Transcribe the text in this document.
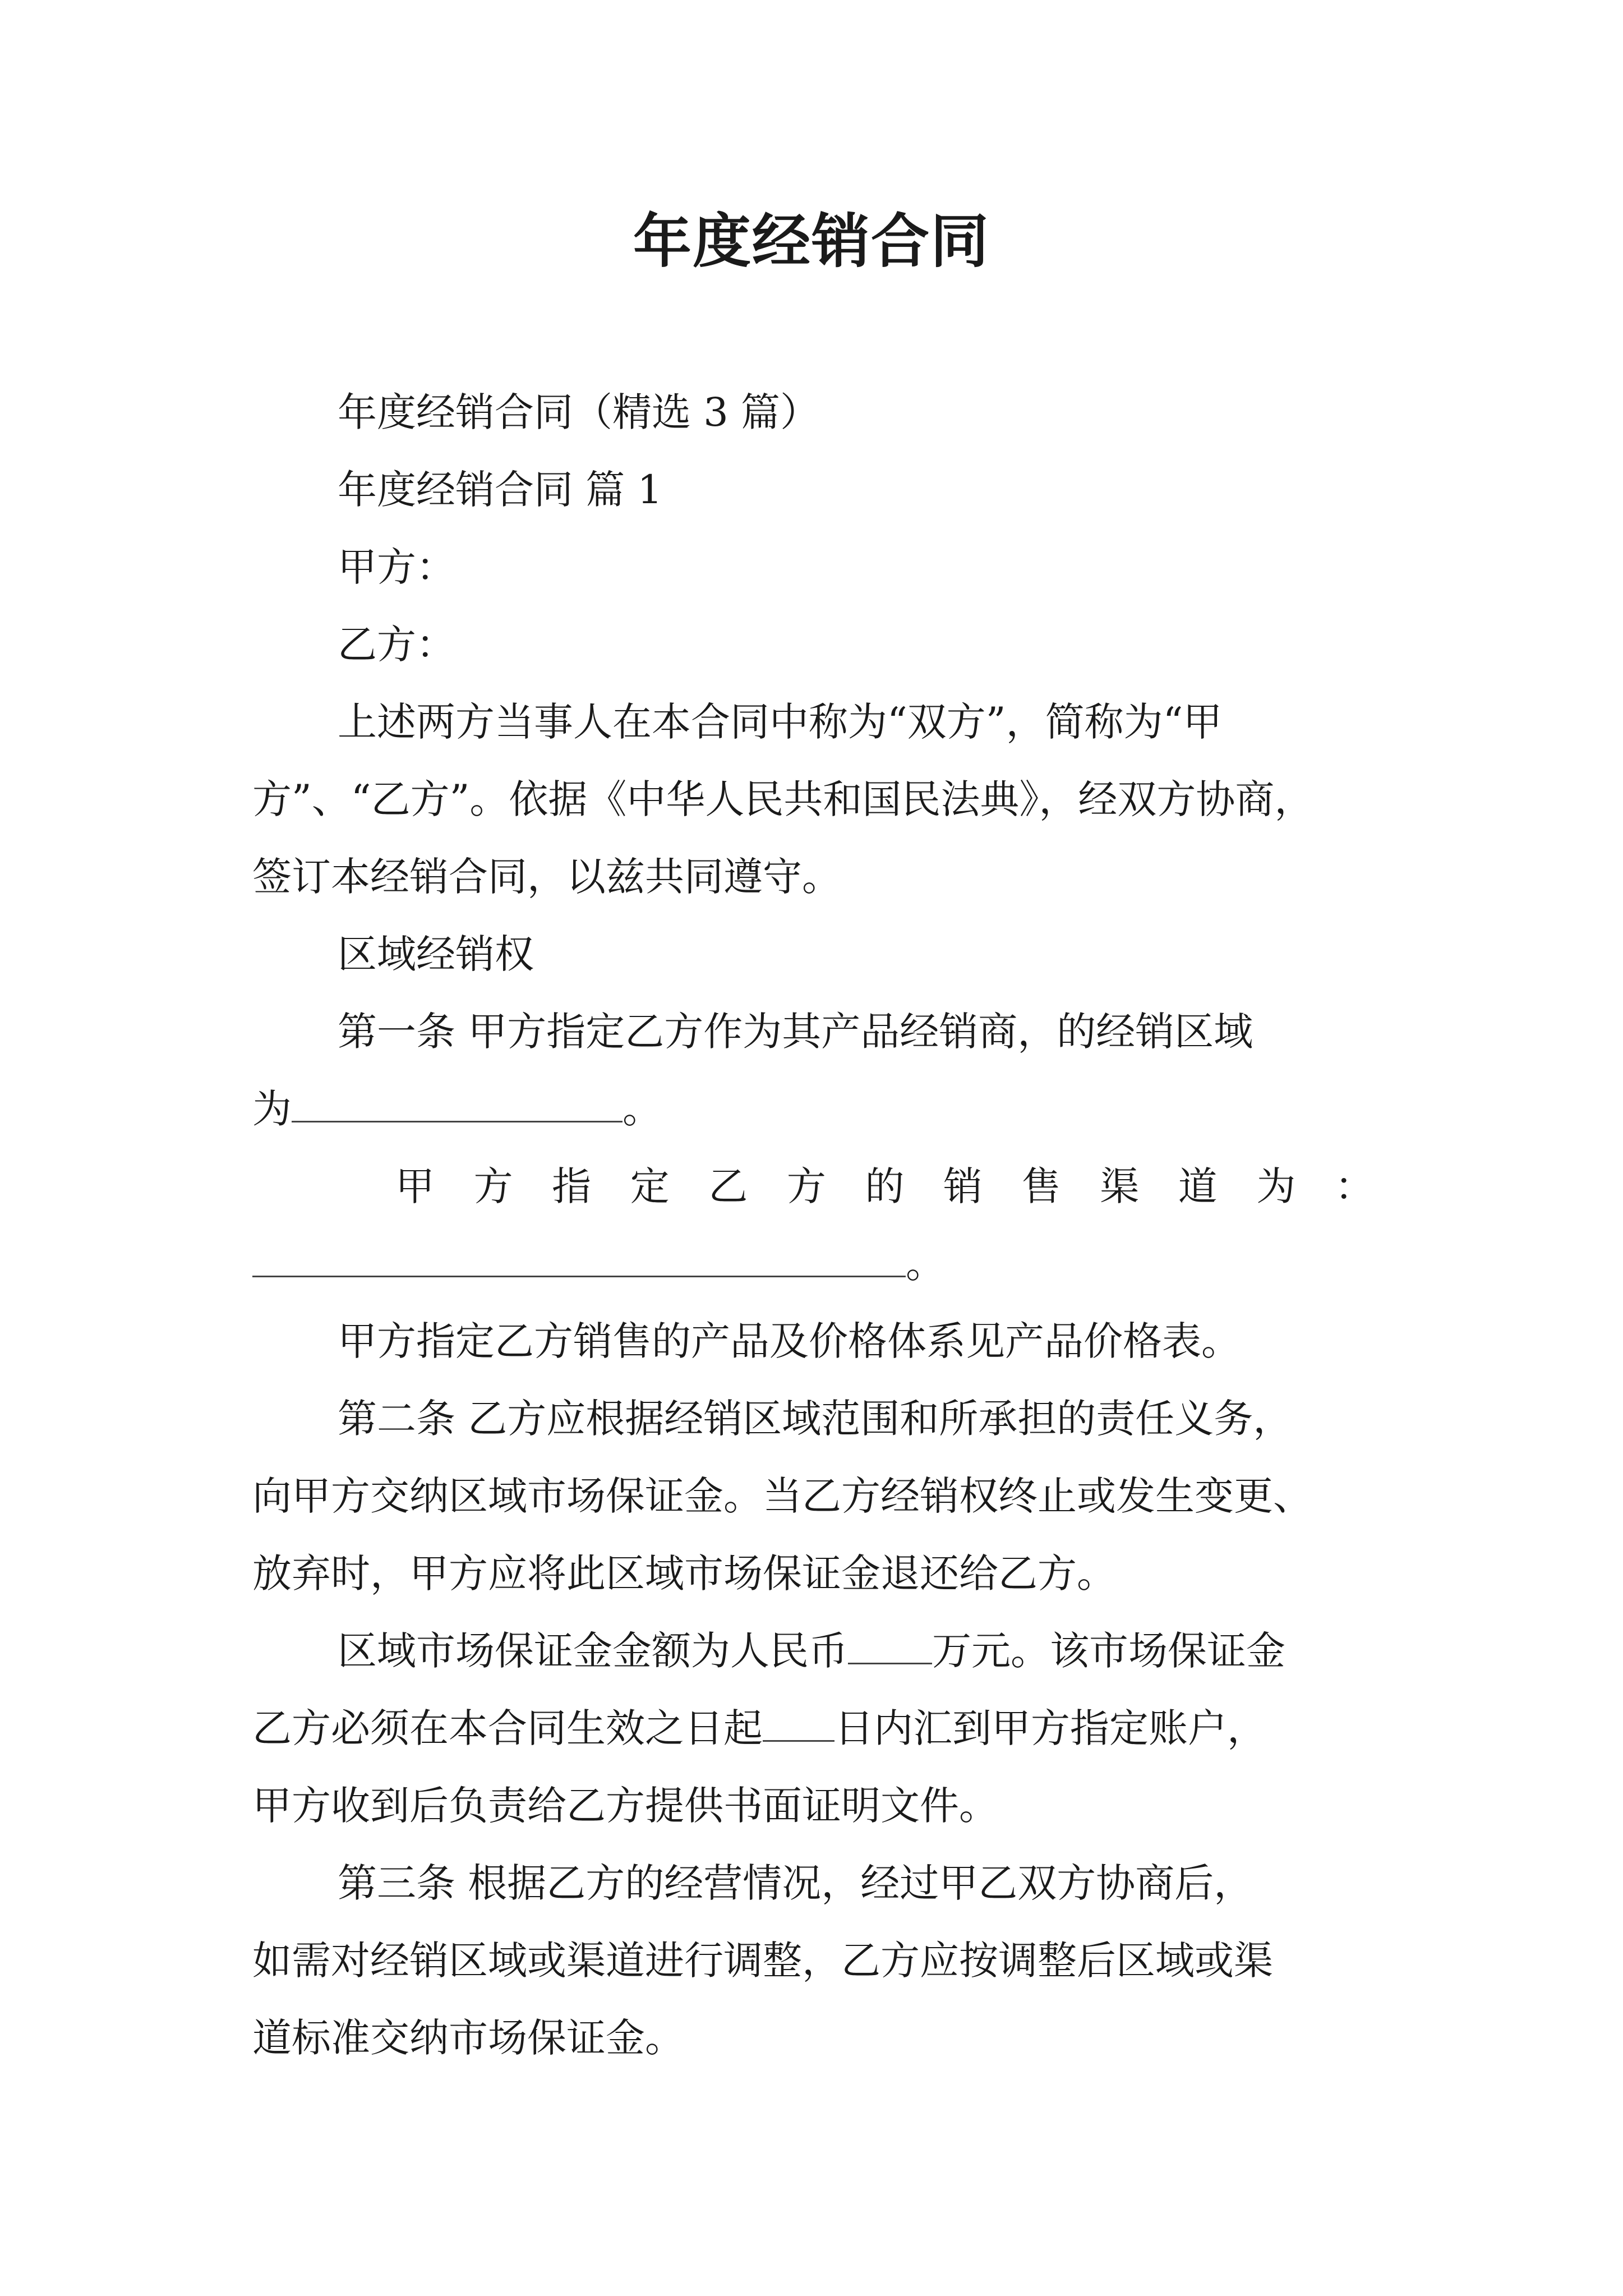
年度经销合同
年度经销合同（精选 3 篇）
年度经销合同 篇 1
甲方：
乙方：
上述两方当事人在本合同中称为“双方”，简称为“甲
方”、“乙方”。依据《中华人民共和国民法典》，经双方协商，
签订本经销合同，以兹共同遵守。
区域经销权
第一条 甲方指定乙方作为其产品经销商，的经销区域
为	。
甲 方 指 定 乙 方 的 销 售 渠 道 为 ：
。
甲方指定乙方销售的产品及价格体系见产品价格表。
第二条 乙方应根据经销区域范围和所承担的责任义务，
向甲方交纳区域市场保证金。当乙方经销权终止或发生变更、
放弃时，甲方应将此区域市场保证金退还给乙方。
区域市场保证金金额为人民币 万元。该市场保证金
乙方必须在本合同生效之日起 日内汇到甲方指定账户，
甲方收到后负责给乙方提供书面证明文件。
第三条 根据乙方的经营情况，经过甲乙双方协商后，
如需对经销区域或渠道进行调整，乙方应按调整后区域或渠
道标准交纳市场保证金。
